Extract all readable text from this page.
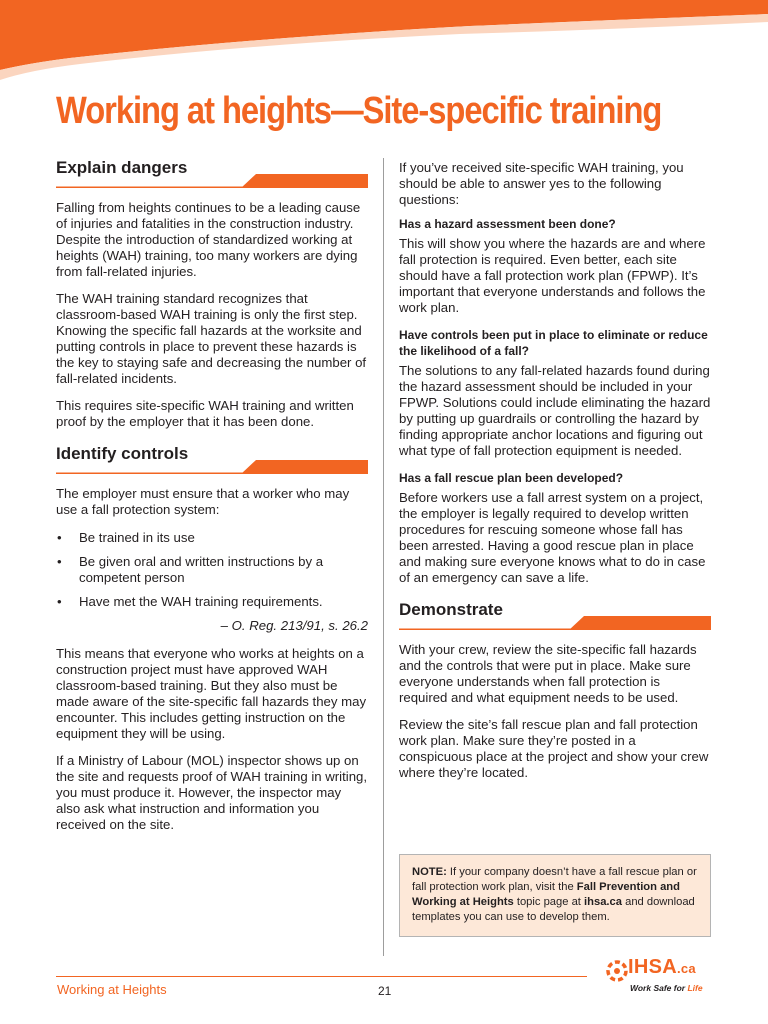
Working at heights—Site-specific training
Explain dangers

Falling from heights continues to be a leading cause of injuries and fatalities in the construction industry. Despite the introduction of standardized working at heights (WAH) training, too many workers are dying from fall-related injuries.

The WAH training standard recognizes that classroom-based WAH training is only the first step. Knowing the specific fall hazards at the worksite and putting controls in place to prevent these hazards is the key to staying safe and decreasing the number of fall-related incidents.

This requires site-specific WAH training and written proof by the employer that it has been done.

Identify controls

The employer must ensure that a worker who may use a fall protection system:

• Be trained in its use
• Be given oral and written instructions by a competent person
• Have met the WAH training requirements.
– O. Reg. 213/91, s. 26.2

This means that everyone who works at heights on a construction project must have approved WAH classroom-based training. But they also must be made aware of the site-specific fall hazards they may encounter. This includes getting instruction on the equipment they will be using.

If a Ministry of Labour (MOL) inspector shows up on the site and requests proof of WAH training in writing, you must produce it. However, the inspector may also ask what instruction and information you received on the site.

If you’ve received site-specific WAH training, you should be able to answer yes to the following questions:

Has a hazard assessment been done?

This will show you where the hazards are and where fall protection is required. Even better, each site should have a fall protection work plan (FPWP). It’s important that everyone understands and follows the work plan.

Have controls been put in place to eliminate or reduce the likelihood of a fall?

The solutions to any fall-related hazards found during the hazard assessment should be included in your FPWP. Solutions could include eliminating the hazard by putting up guardrails or controlling the hazard by finding appropriate anchor locations and figuring out what type of fall protection equipment is needed.

Has a fall rescue plan been developed?

Before workers use a fall arrest system on a project, the employer is legally required to develop written procedures for rescuing someone whose fall has been arrested. Having a good rescue plan in place and making sure everyone knows what to do in case of an emergency can save a life.

Demonstrate

With your crew, review the site-specific fall hazards and the controls that were put in place. Make sure everyone understands when fall protection is required and what equipment needs to be used.

Review the site’s fall rescue plan and fall protection work plan. Make sure they’re posted in a conspicuous place at the project and show your crew where they’re located.

NOTE: If your company doesn’t have a fall rescue plan or fall protection work plan, visit the Fall Prevention and Working at Heights topic page at ihsa.ca and download templates you can use to develop them.
Working at Heights	21
IHSA.ca
Work Safe for Life
